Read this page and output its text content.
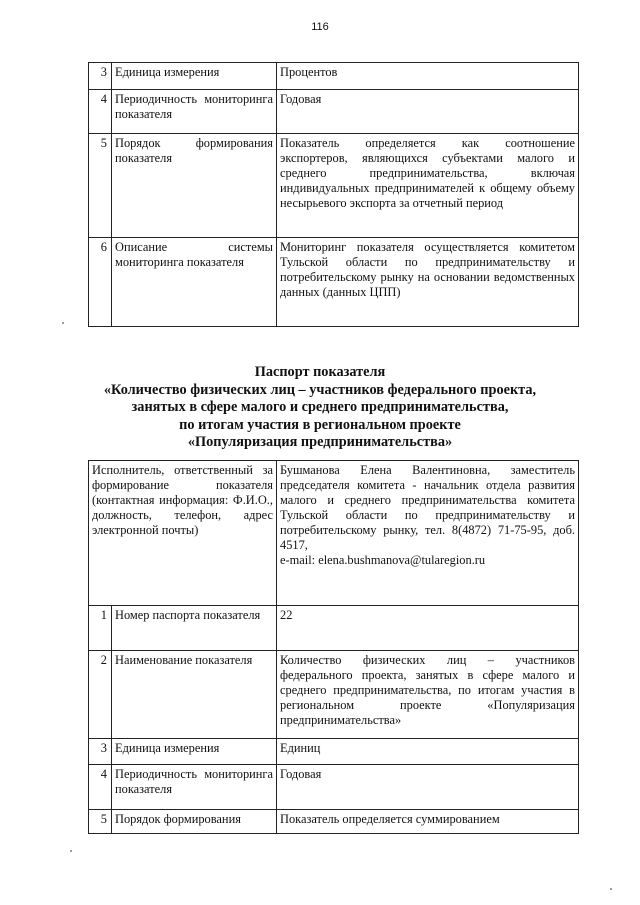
116
3	Единица измерения	Процентов
4	Периодичность мониторинга показателя	Годовая
5	Порядок формирования показателя	Показатель определяется как соотношение экспортеров, являющихся субъектами малого и среднего предпринимательства, включая индивидуальных предпринимателей к общему объему несырьевого экспорта за отчетный период
6	Описание системы мониторинга показателя	Мониторинг показателя осуществляется комитетом Тульской области по предпринимательству и потребительскому рынку на основании ведомственных данных (данных ЦПП)
Паспорт показателя
«Количество физических лиц – участников федерального проекта,
занятых в сфере малого и среднего предпринимательства,
по итогам участия в региональном проекте
«Популяризация предпринимательства»
Исполнитель, ответственный за формирование показателя (контактная информация: Ф.И.О., должность, телефон, адрес электронной почты)		Бушманова Елена Валентиновна, заместитель председателя комитета - начальник отдела развития малого и среднего предпринимательства комитета Тульской области по предпринимательству и потребительскому рынку, тел. 8(4872) 71-75-95, доб. 4517,
e-mail: elena.bushmanova@tularegion.ru
1	Номер паспорта показателя	22
2	Наименование показателя	Количество физических лиц – участников федерального проекта, занятых в сфере малого и среднего предпринимательства, по итогам участия в региональном проекте «Популяризация предпринимательства»
3	Единица измерения	Единиц
4	Периодичность мониторинга показателя	Годовая
5	Порядок формирования	Показатель определяется суммированием
